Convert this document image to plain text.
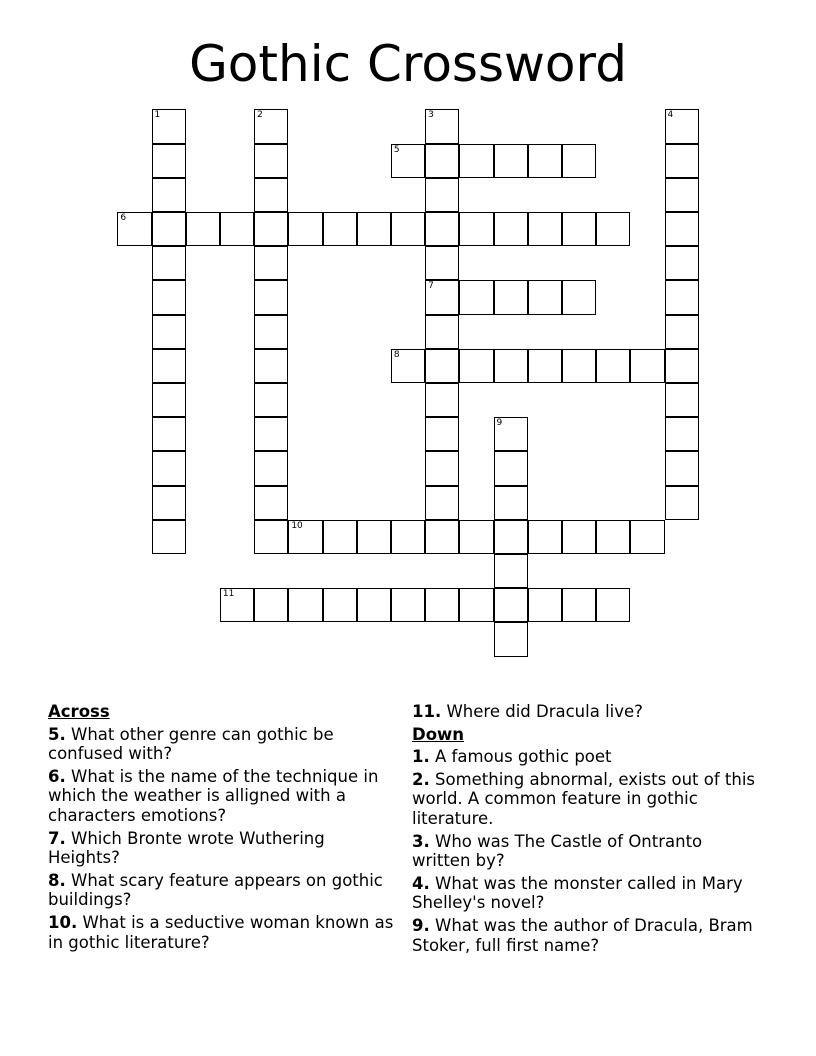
Gothic Crossword
1	2	3
7
4
5
6
8
9
10
11
Across
5. What other genre can gothic be confused with?
6. What is the name of the technique in which the weather is alligned with a characters emotions?
7. Which Bronte wrote Wuthering Heights?
8. What scary feature appears on gothic buildings?
10. What is a seductive woman known as in gothic literature?
11. Where did Dracula live?
Down
1. A famous gothic poet
2. Something abnormal, exists out of this world. A common feature in gothic literature.
3. Who was The Castle of Ontranto written by?
4. What was the monster called in Mary Shelley's novel?
9. What was the author of Dracula, Bram Stoker, full first name?
